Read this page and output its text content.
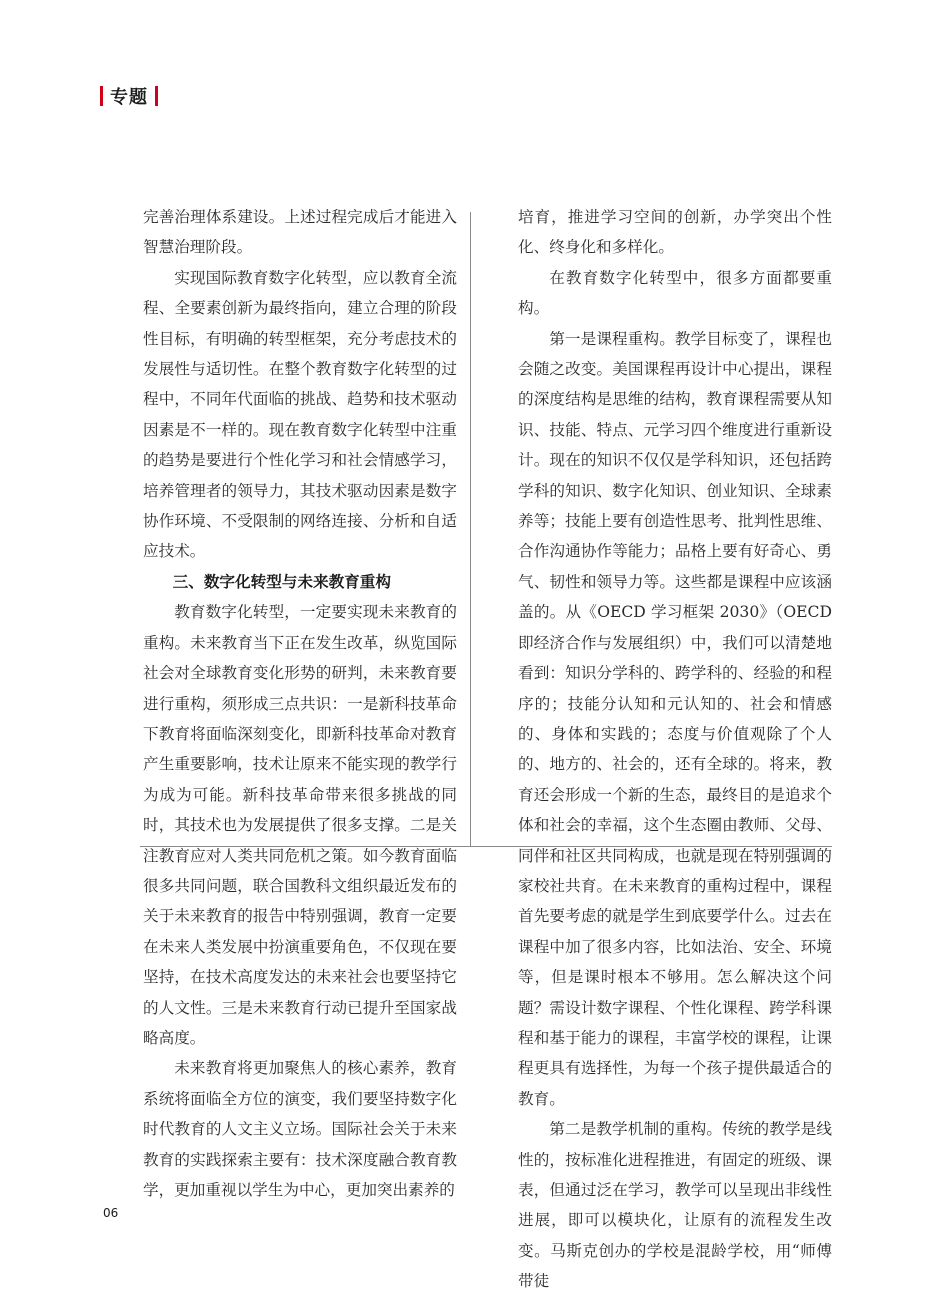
专题

完善治理体系建设。上述过程完成后才能进入智慧治理阶段。

实现国际教育数字化转型，应以教育全流程、全要素创新为最终指向，建立合理的阶段性目标，有明确的转型框架，充分考虑技术的发展性与适切性。在整个教育数字化转型的过程中，不同年代面临的挑战、趋势和技术驱动因素是不一样的。现在教育数字化转型中注重的趋势是要进行个性化学习和社会情感学习，培养管理者的领导力，其技术驱动因素是数字协作环境、不受限制的网络连接、分析和自适应技术。

三、数字化转型与未来教育重构

教育数字化转型，一定要实现未来教育的重构。未来教育当下正在发生改革，纵览国际社会对全球教育变化形势的研判，未来教育要进行重构，须形成三点共识：一是新科技革命下教育将面临深刻变化，即新科技革命对教育产生重要影响，技术让原来不能实现的教学行为成为可能。新科技革命带来很多挑战的同时，其技术也为发展提供了很多支撑。二是关注教育应对人类共同危机之策。如今教育面临很多共同问题，联合国教科文组织最近发布的关于未来教育的报告中特别强调，教育一定要在未来人类发展中扮演重要角色，不仅现在要坚持，在技术高度发达的未来社会也要坚持它的人文性。三是未来教育行动已提升至国家战略高度。

未来教育将更加聚焦人的核心素养，教育系统将面临全方位的演变，我们要坚持数字化时代教育的人文主义立场。国际社会关于未来教育的实践探索主要有：技术深度融合教育教学，更加重视以学生为中心，更加突出素养的

培育，推进学习空间的创新，办学突出个性化、终身化和多样化。

在教育数字化转型中，很多方面都要重构。

第一是课程重构。教学目标变了，课程也会随之改变。美国课程再设计中心提出，课程的深度结构是思维的结构，教育课程需要从知识、技能、特点、元学习四个维度进行重新设计。现在的知识不仅仅是学科知识，还包括跨学科的知识、数字化知识、创业知识、全球素养等；技能上要有创造性思考、批判性思维、合作沟通协作等能力；品格上要有好奇心、勇气、韧性和领导力等。这些都是课程中应该涵盖的。从《OECD 学习框架 2030》（OECD 即经济合作与发展组织）中，我们可以清楚地看到：知识分学科的、跨学科的、经验的和程序的；技能分认知和元认知的、社会和情感的、身体和实践的；态度与价值观除了个人的、地方的、社会的，还有全球的。将来，教育还会形成一个新的生态，最终目的是追求个体和社会的幸福，这个生态圈由教师、父母、同伴和社区共同构成，也就是现在特别强调的家校社共育。在未来教育的重构过程中，课程首先要考虑的就是学生到底要学什么。过去在课程中加了很多内容，比如法治、安全、环境等，但是课时根本不够用。怎么解决这个问题？需设计数字课程、个性化课程、跨学科课程和基于能力的课程，丰富学校的课程，让课程更具有选择性，为每一个孩子提供最适合的教育。

第二是教学机制的重构。传统的教学是线性的，按标准化进程推进，有固定的班级、课表，但通过泛在学习，教学可以呈现出非线性进展，即可以模块化，让原有的流程发生改变。马斯克创办的学校是混龄学校，用“师傅带徒

06
